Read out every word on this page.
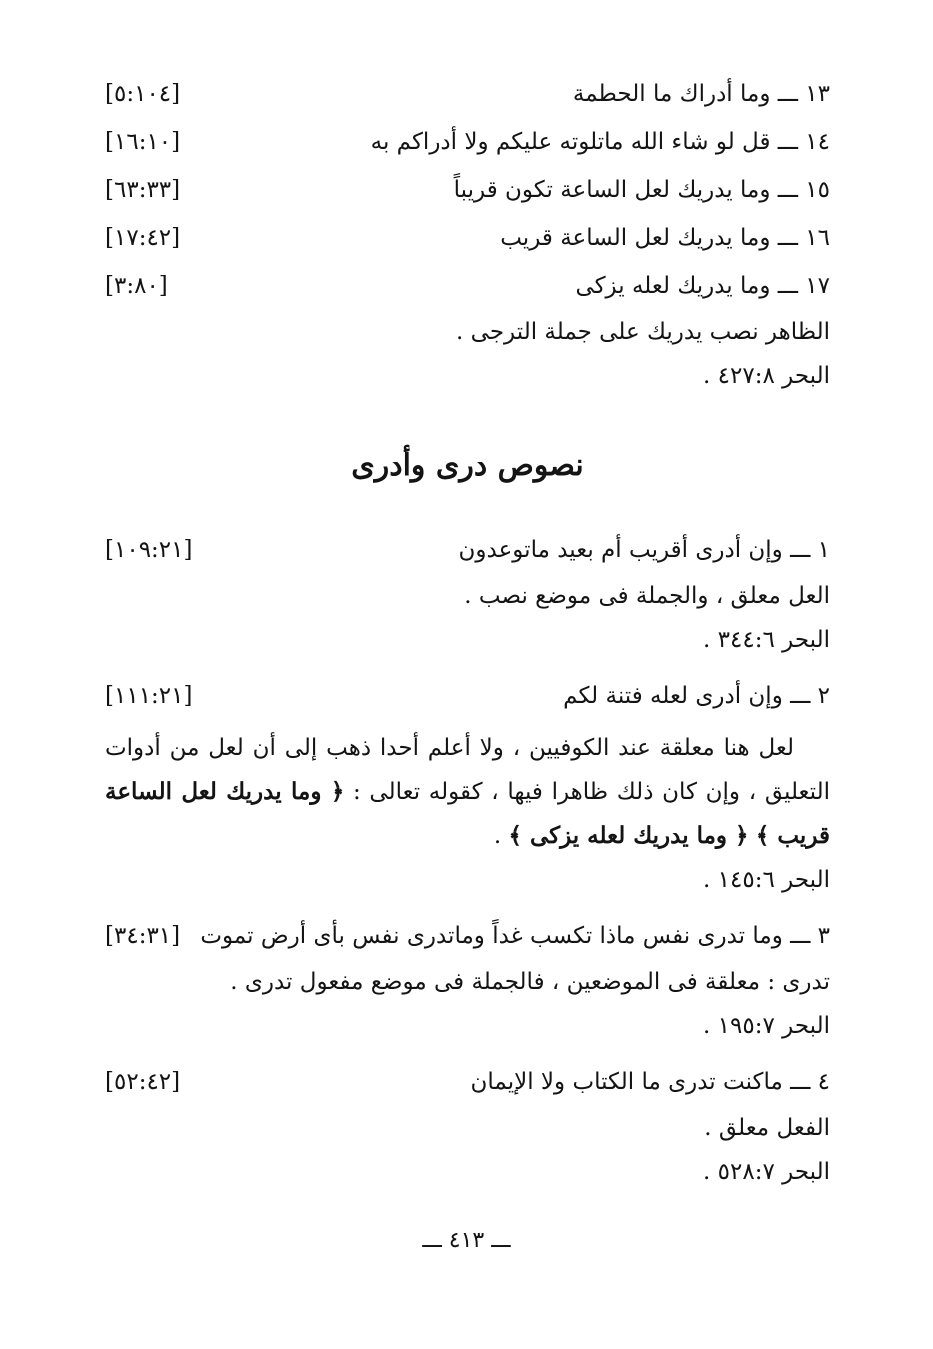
١٣ ـــ وما أدراك ما الحطمة
[٥:١٠٤]
١٤ ـــ قل لو شاء الله ماتلوته عليكم ولا أدراكم به
[١٦:١٠]
١٥ ـــ وما يدريك لعل الساعة تكون قريباً
[٦٣:٣٣]
١٦ ـــ وما يدريك لعل الساعة قريب
[١٧:٤٢]
١٧ ـــ وما يدريك لعله يزكى
[٣:٨٠]
الظاهر نصب يدريك على جملة الترجى .
البحر ٤٢٧:٨ .
نصوص درى وأدرى
١ ـــ وإن أدرى أقريب أم بعيد ماتوعدون
[١٠٩:٢١]
العل معلق ، والجملة فى موضع نصب .
البحر ٣٤٤:٦ .
٢ ـــ وإن أدرى لعله فتنة لكم
[١١١:٢١]

لعل هنا معلقة عند الكوفيين ، ولا أعلم أحدا ذهب إلى أن لعل من أدوات التعليق ، وإن كان ذلك ظاهرا فيها ، كقوله تعالى : ﴿ وما يدريك لعل الساعة قريب ﴾ ﴿ وما يدريك لعله يزكى ﴾ .

البحر ١٤٥:٦ .
٣ ـــ وما تدرى نفس ماذا تكسب غداً وماتدرى نفس بأى أرض تموت
[٣٤:٣١]
تدرى : معلقة فى الموضعين ، فالجملة فى موضع مفعول تدرى .
البحر ١٩٥:٧ .
٤ ـــ ماكنت تدرى ما الكتاب ولا الإيمان
[٥٢:٤٢]
الفعل معلق .
البحر ٥٢٨:٧ .
ـــ ٤١٣ ـــ
